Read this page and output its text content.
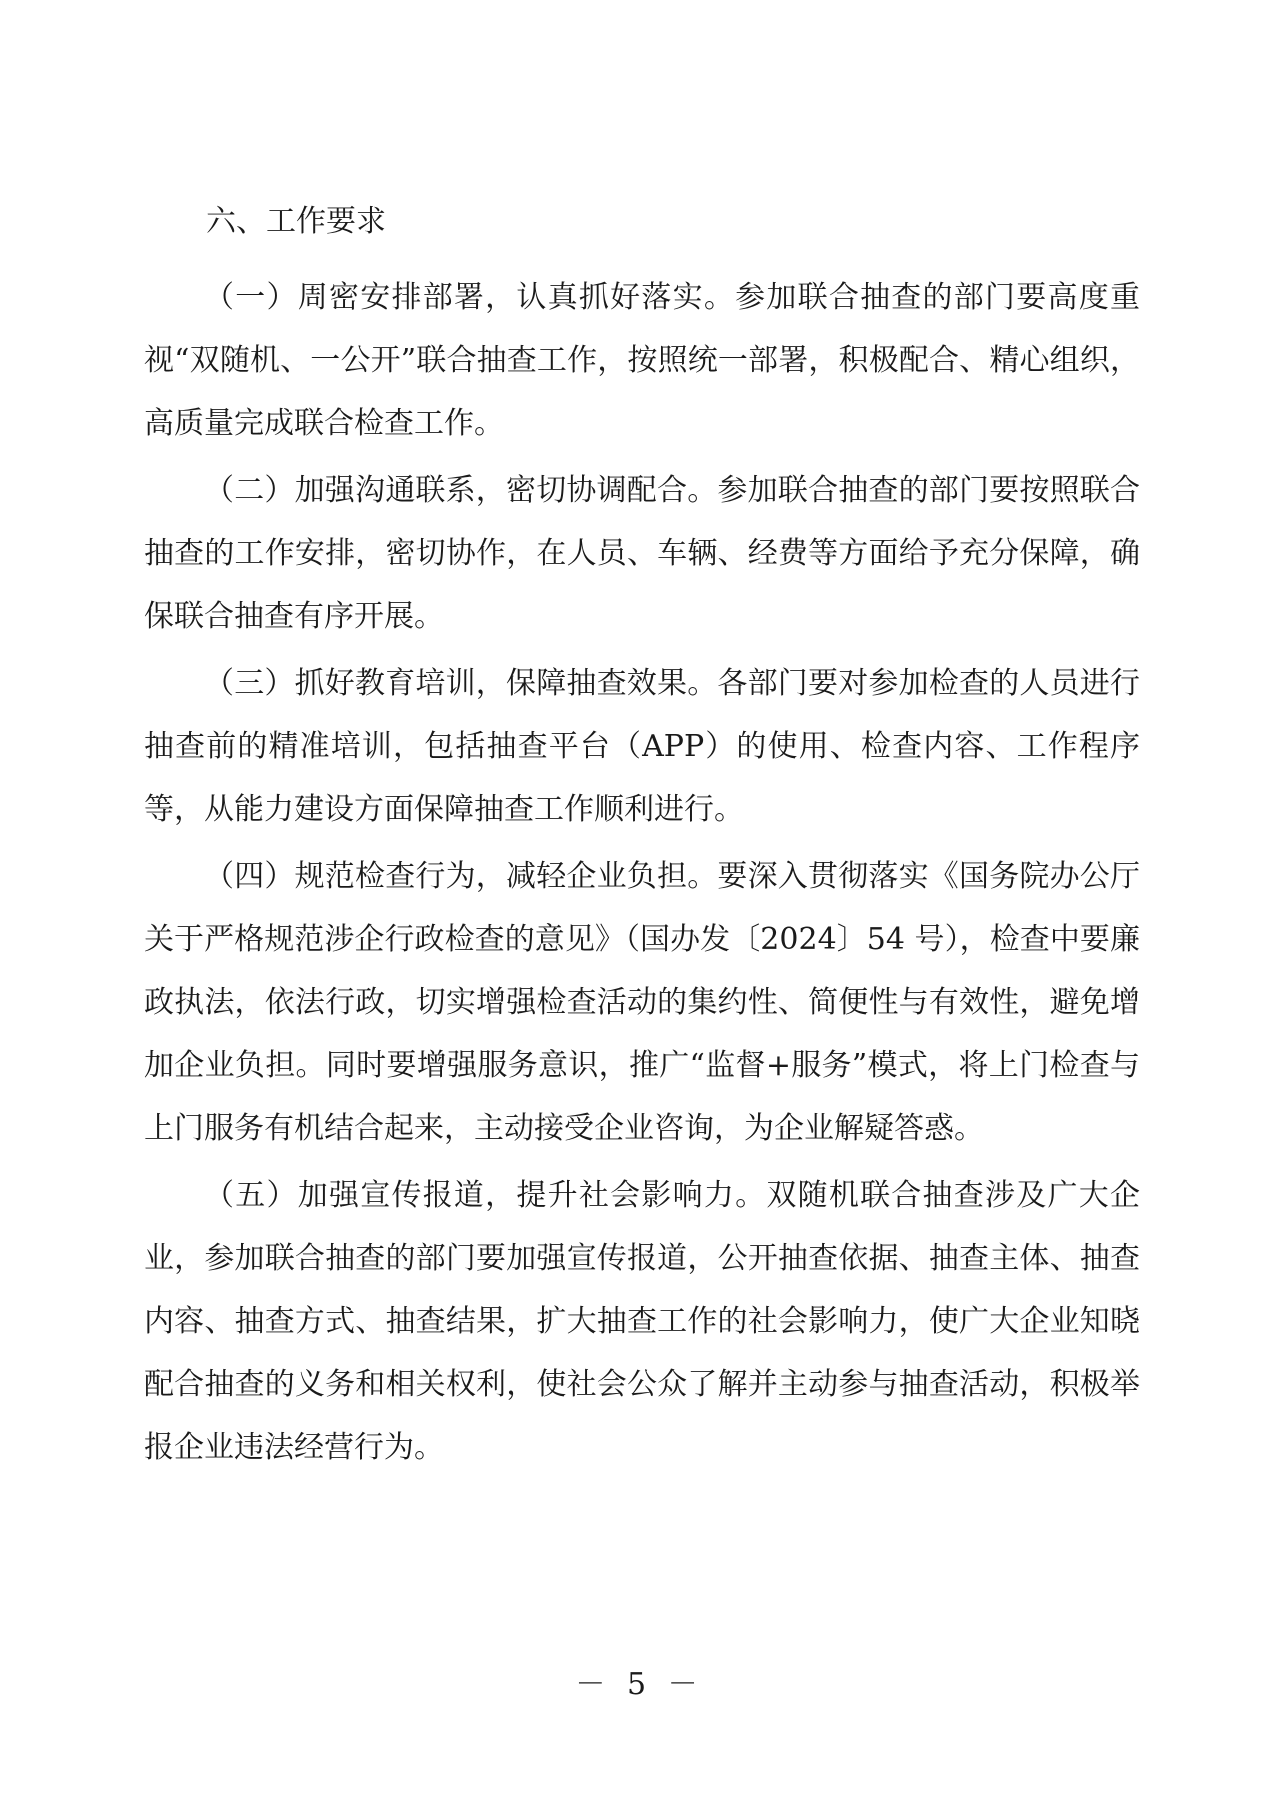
六、工作要求

（一）周密安排部署，认真抓好落实。参加联合抽查的部门要高度重视“双随机、一公开”联合抽查工作，按照统一部署，积极配合、精心组织，高质量完成联合检查工作。

（二）加强沟通联系，密切协调配合。参加联合抽查的部门要按照联合抽查的工作安排，密切协作，在人员、车辆、经费等方面给予充分保障，确保联合抽查有序开展。

（三）抓好教育培训，保障抽查效果。各部门要对参加检查的人员进行抽查前的精准培训，包括抽查平台（APP）的使用、检查内容、工作程序等，从能力建设方面保障抽查工作顺利进行。

（四）规范检查行为，减轻企业负担。要深入贯彻落实《国务院办公厅关于严格规范涉企行政检查的意见》（国办发〔2024〕54 号），检查中要廉政执法，依法行政，切实增强检查活动的集约性、简便性与有效性，避免增加企业负担。同时要增强服务意识，推广“监督+服务”模式，将上门检查与上门服务有机结合起来，主动接受企业咨询，为企业解疑答惑。

（五）加强宣传报道，提升社会影响力。双随机联合抽查涉及广大企业，参加联合抽查的部门要加强宣传报道，公开抽查依据、抽查主体、抽查内容、抽查方式、抽查结果，扩大抽查工作的社会影响力，使广大企业知晓配合抽查的义务和相关权利，使社会公众了解并主动参与抽查活动，积极举报企业违法经营行为。

－ 5 －
